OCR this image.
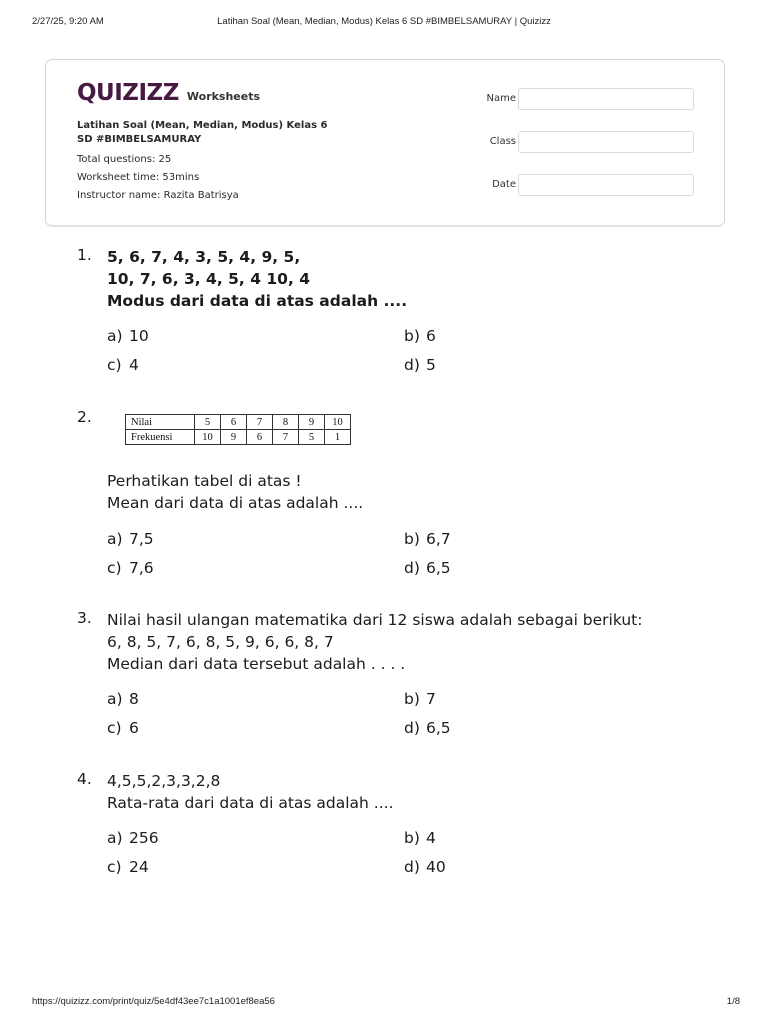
2/27/25, 9:20 AM	Latihan Soal (Mean, Median, Modus) Kelas 6 SD #BIMBELSAMURAY | Quizizz
QUIZIZZ Worksheets
Latihan Soal (Mean, Median, Modus) Kelas 6
SD #BIMBELSAMURAY
Total questions: 25
Worksheet time: 53mins
Instructor name: Razita Batrisya
Name
Class
Date
1. 5, 6, 7, 4, 3, 5, 4, 9, 5,
10, 7, 6, 3, 4, 5, 4 10, 4
Modus dari data di atas adalah ....
a) 10	b) 6
c) 4	d) 5
2.	Nilai	5	6	7	8	9	10
Frekuensi	10	9	6	7	5	1
Perhatikan tabel di atas !
Mean dari data di atas adalah ....
a) 7,5	b) 6,7
c) 7,6	d) 6,5
3. Nilai hasil ulangan matematika dari 12 siswa adalah sebagai berikut:
6, 8, 5, 7, 6, 8, 5, 9, 6, 6, 8, 7
Median dari data tersebut adalah . . . .
a) 8	b) 7
c) 6	d) 6,5
4. 4,5,5,2,3,3,2,8
Rata-rata dari data di atas adalah ....
a) 256	b) 4
c) 24	d) 40
https://quizizz.com/print/quiz/5e4df43ee7c1a1001ef8ea56	1/8
